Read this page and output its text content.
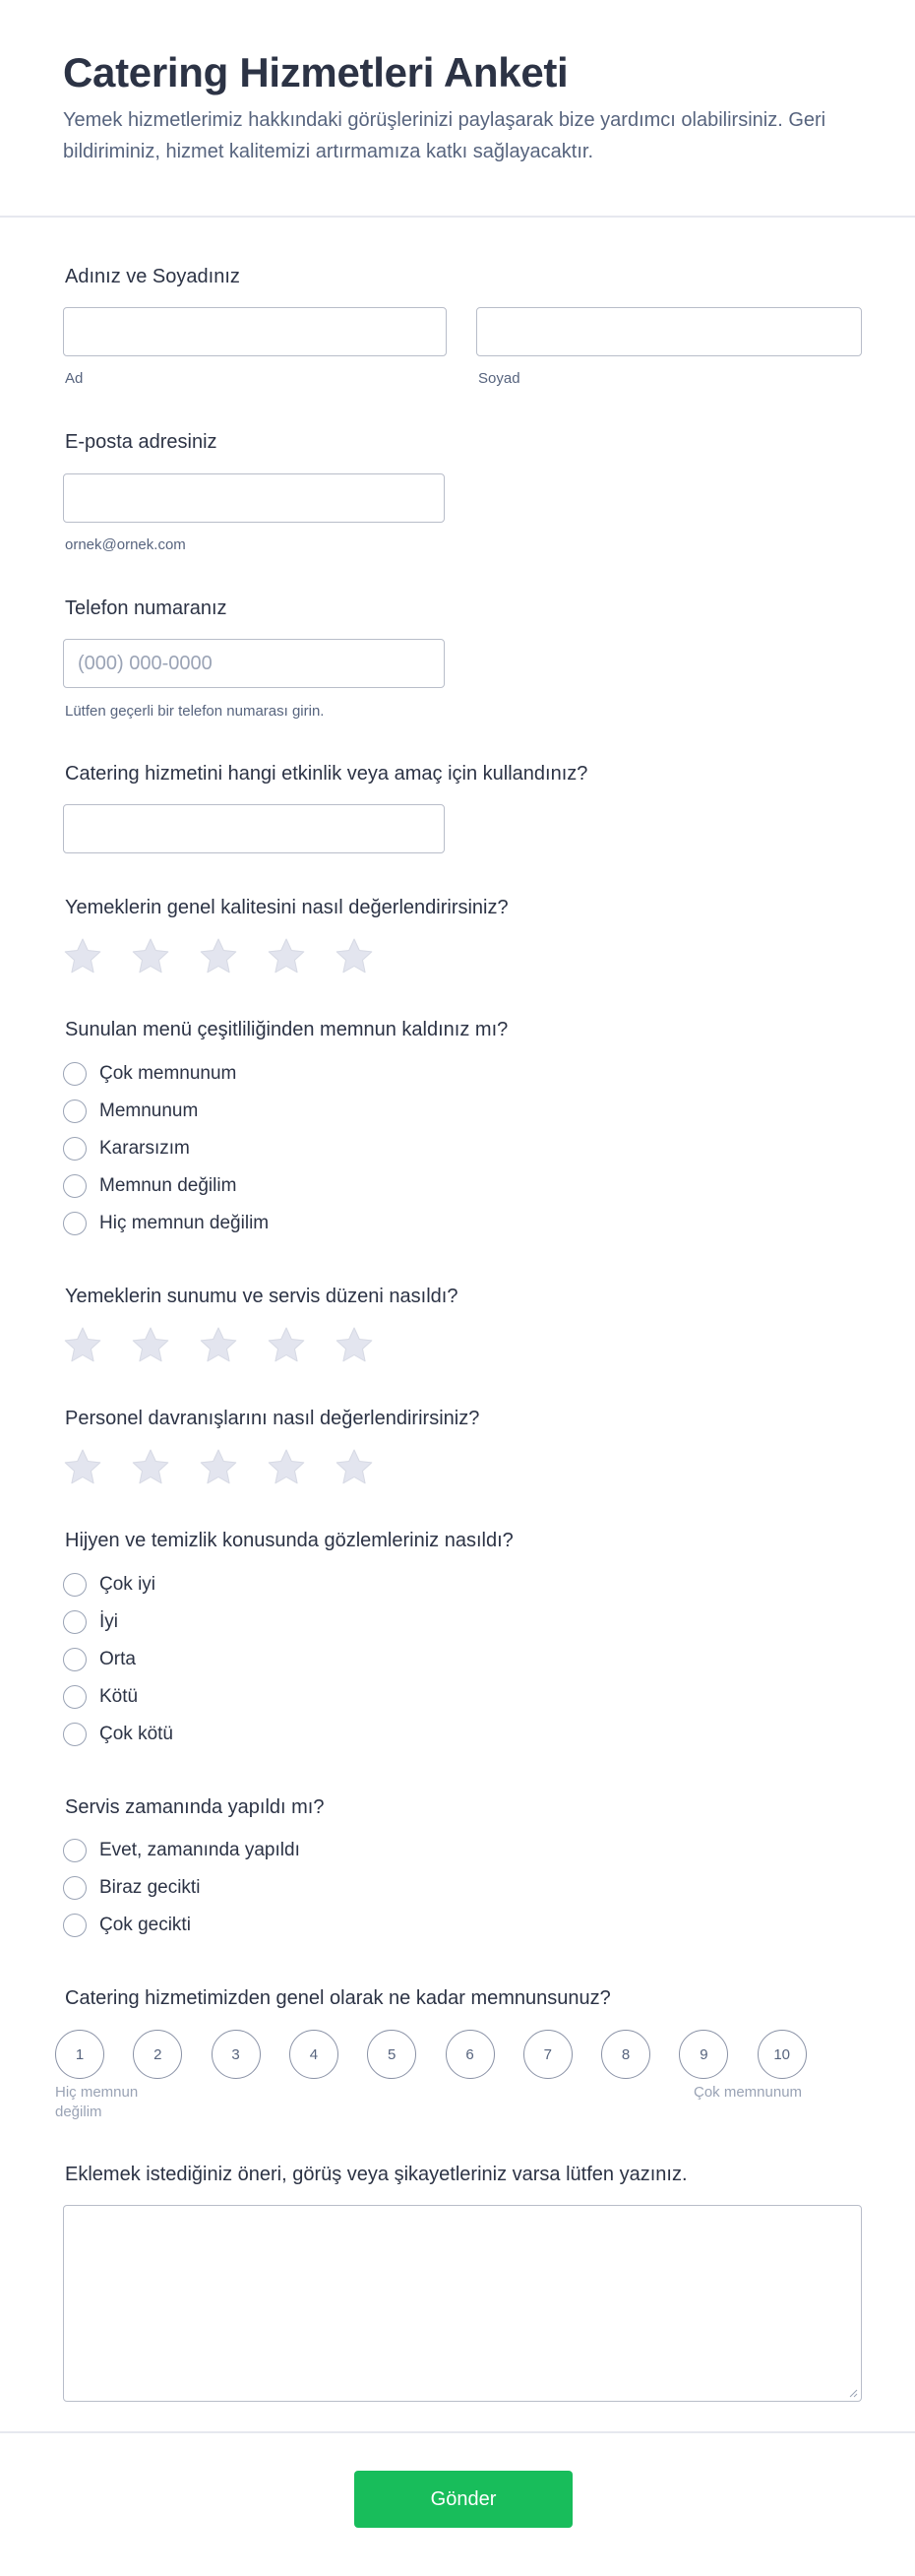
Catering Hizmetleri Anketi
Yemek hizmetlerimiz hakkındaki görüşlerinizi paylaşarak bize yardımcı olabilirsiniz. Geri bildiriminiz, hizmet kalitemizi artırmamıza katkı sağlayacaktır.
Adınız ve Soyadınız
Ad	Soyad
E-posta adresiniz
ornek@ornek.com
Telefon numaranız
(000) 000-0000
Lütfen geçerli bir telefon numarası girin.
Catering hizmetini hangi etkinlik veya amaç için kullandınız?
Yemeklerin genel kalitesini nasıl değerlendirirsiniz?
Sunulan menü çeşitliliğinden memnun kaldınız mı?
Çok memnunum
Memnunum
Kararsızım
Memnun değilim
Hiç memnun değilim
Yemeklerin sunumu ve servis düzeni nasıldı?
Personel davranışlarını nasıl değerlendirirsiniz?
Hijyen ve temizlik konusunda gözlemleriniz nasıldı?
Çok iyi
İyi
Orta
Kötü
Çok kötü
Servis zamanında yapıldı mı?
Evet, zamanında yapıldı
Biraz gecikti
Çok gecikti
Catering hizmetimizden genel olarak ne kadar memnunsunuz?
1	2	3	4	5	6	7	8	9	10
Hiç memnun değilim
Çok memnunum
Eklemek istediğiniz öneri, görüş veya şikayetleriniz varsa lütfen yazınız.
Gönder
